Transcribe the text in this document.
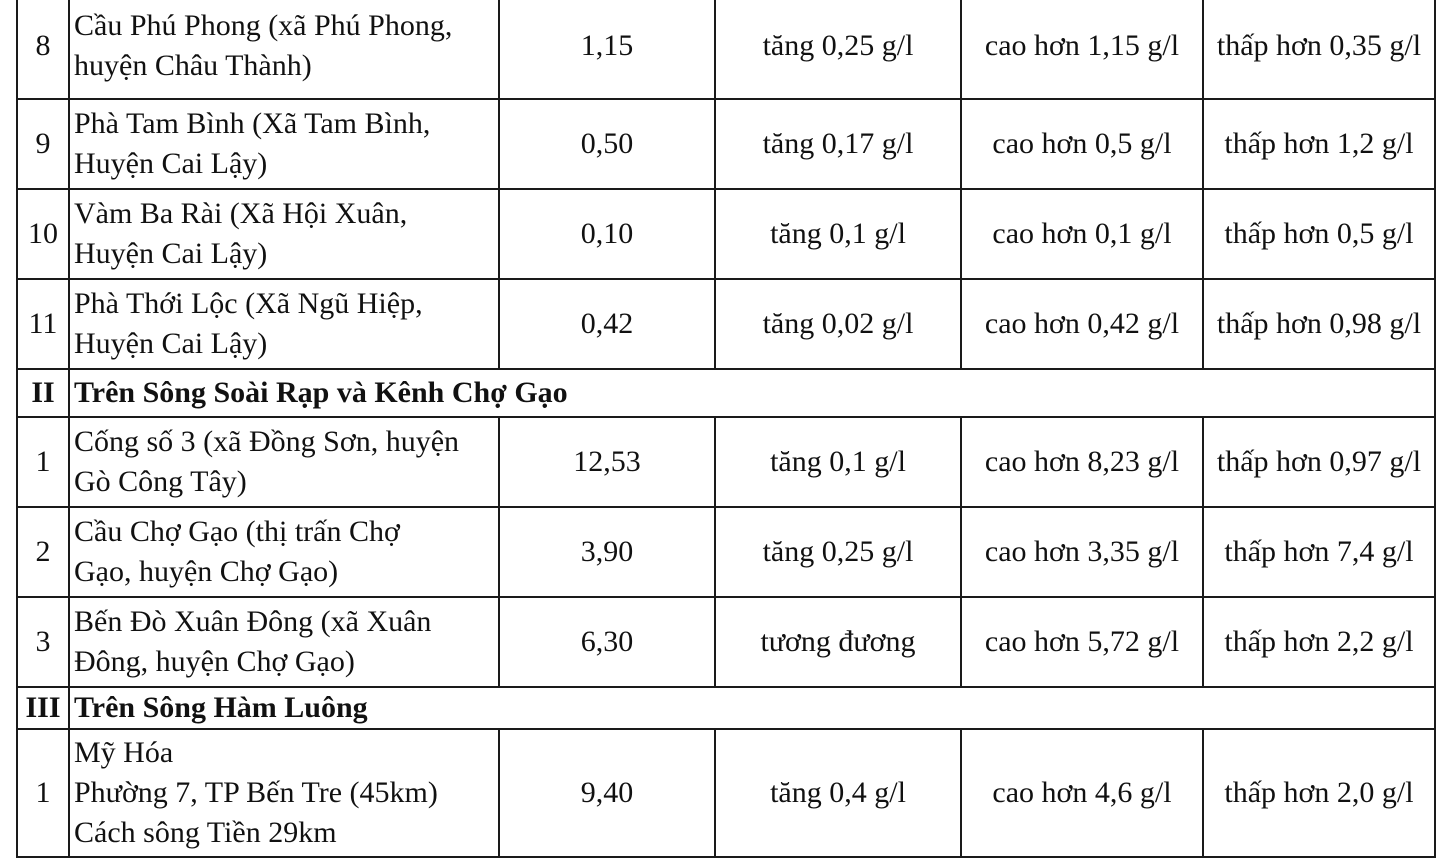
8	Cầu Phú Phong (xã Phú Phong,
huyện Châu Thành)	1,15	tăng 0,25 g/l	cao hơn 1,15 g/l	thấp hơn 0,35 g/l
9	Phà Tam Bình (Xã Tam Bình,
Huyện Cai Lậy)	0,50	tăng 0,17 g/l	cao hơn 0,5 g/l	thấp hơn 1,2 g/l
10	Vàm Ba Rài (Xã Hội Xuân,
Huyện Cai Lậy)	0,10	tăng 0,1 g/l	cao hơn 0,1 g/l	thấp hơn 0,5 g/l
11	Phà Thới Lộc (Xã Ngũ Hiệp,
Huyện Cai Lậy)	0,42	tăng 0,02 g/l	cao hơn 0,42 g/l	thấp hơn 0,98 g/l
II	Trên Sông Soài Rạp và Kênh Chợ Gạo				
1	Cống số 3 (xã Đồng Sơn, huyện
Gò Công Tây)	12,53	tăng 0,1 g/l	cao hơn 8,23 g/l	thấp hơn 0,97 g/l
2	Cầu Chợ Gạo (thị trấn Chợ
Gạo, huyện Chợ Gạo)	3,90	tăng 0,25 g/l	cao hơn 3,35 g/l	thấp hơn 7,4 g/l
3	Bến Đò Xuân Đông (xã Xuân
Đông, huyện Chợ Gạo)	6,30	tương đương	cao hơn 5,72 g/l	thấp hơn 2,2 g/l
III	Trên Sông Hàm Luông				
1	Mỹ Hóa
Phường 7, TP Bến Tre (45km)
Cách sông Tiền 29km	9,40	tăng 0,4 g/l	cao hơn 4,6 g/l	thấp hơn 2,0 g/l
